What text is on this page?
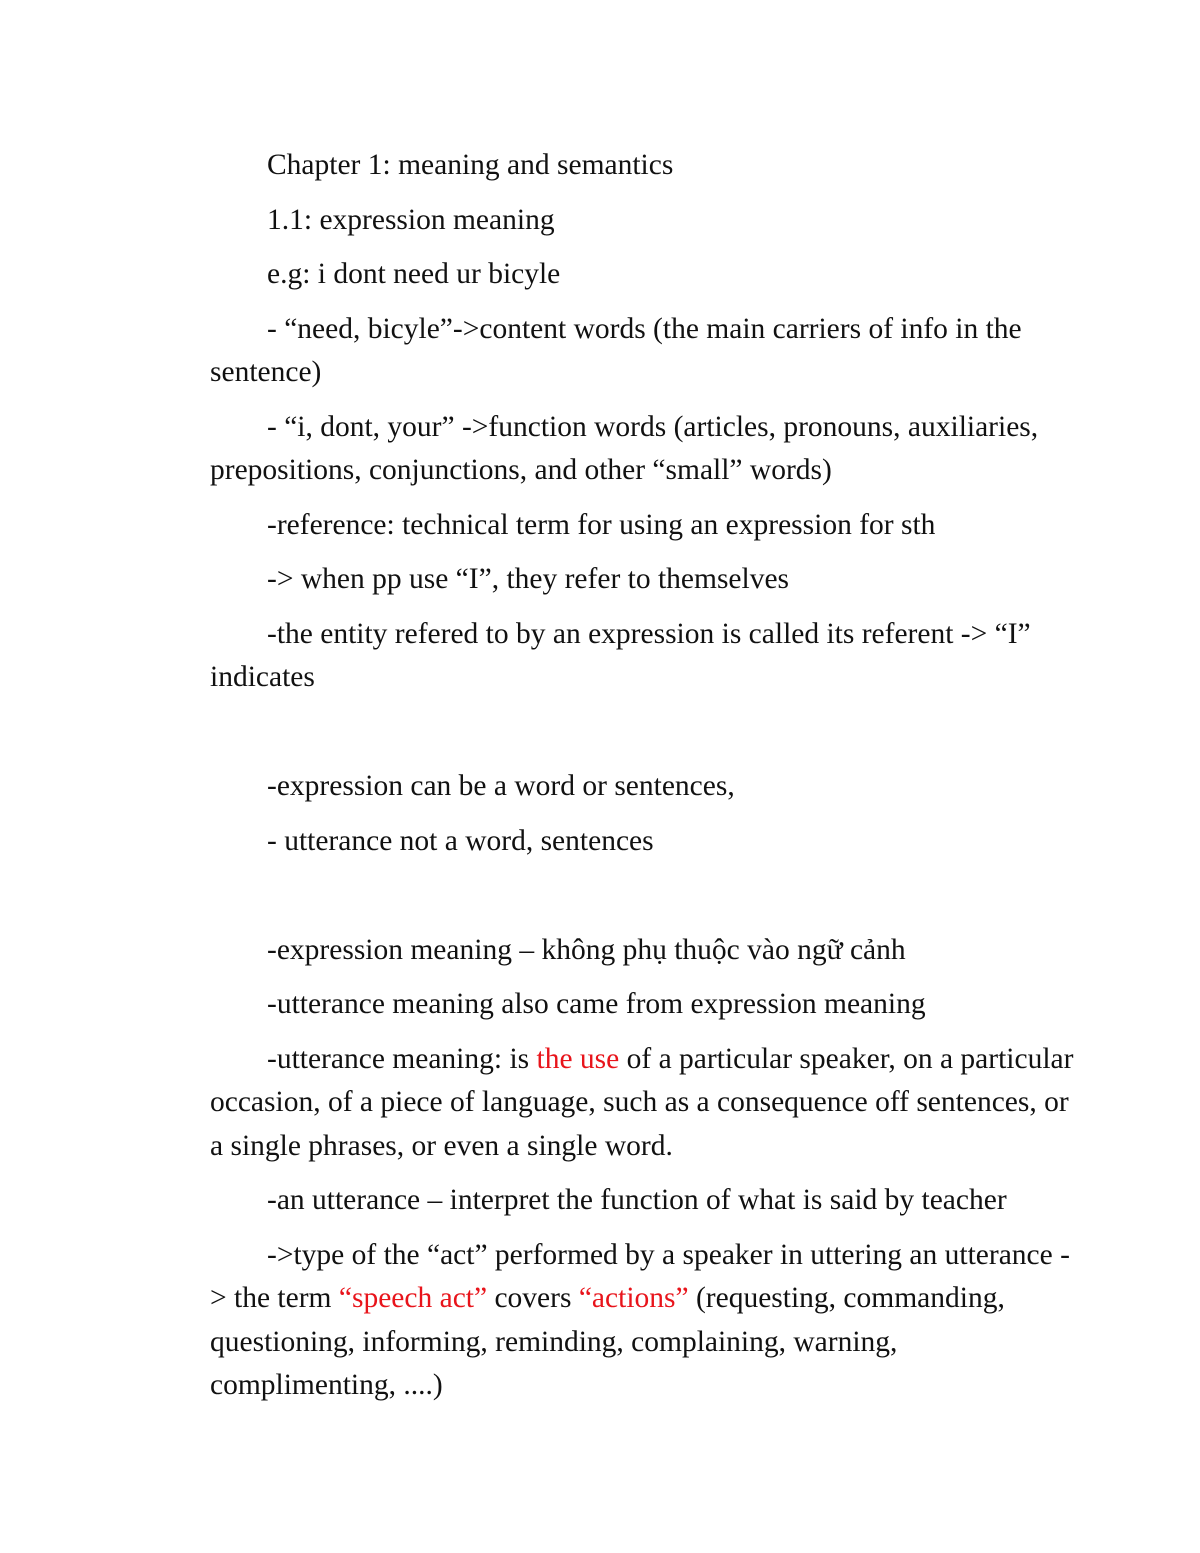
Chapter 1: meaning and semantics

1.1: expression meaning

e.g: i dont need ur bicyle

- “need, bicyle”->content words (the main carriers of info in the sentence)

- “i, dont, your” ->function words (articles, pronouns, auxiliaries, prepositions, conjunctions, and other “small” words)

-reference: technical term for using an expression for sth

-> when pp use “I”, they refer to themselves

-the entity refered to by an expression is called its referent -> “I” indicates

-expression can be a word or sentences,

- utterance not a word, sentences

-expression meaning – không phụ thuộc vào ngữ cảnh

-utterance meaning also came from expression meaning

-utterance meaning: is the use of a particular speaker, on a particular occasion, of a piece of language, such as a consequence off sentences, or a single phrases, or even a single word.

-an utterance – interpret the function of what is said by teacher

->type of the “act” performed by a speaker in uttering an utterance -> the term “speech act” covers “actions” (requesting, commanding, questioning, informing, reminding, complaining, warning, complimenting, ....)
